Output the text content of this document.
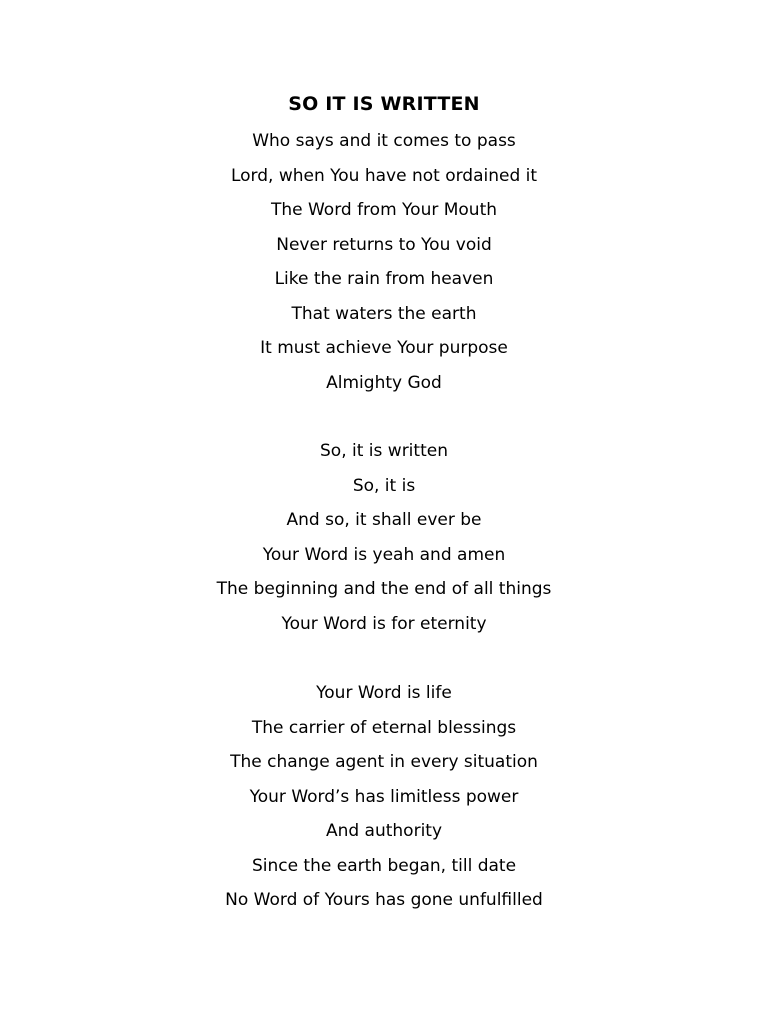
SO IT IS WRITTEN
Who says and it comes to pass
Lord, when You have not ordained it
The Word from Your Mouth
Never returns to You void
Like the rain from heaven
That waters the earth
It must achieve Your purpose
Almighty God
So, it is written
So, it is
And so, it shall ever be
Your Word is yeah and amen
The beginning and the end of all things
Your Word is for eternity
Your Word is life
The carrier of eternal blessings
The change agent in every situation
Your Word’s has limitless power
And authority
Since the earth began, till date
No Word of Yours has gone unfulfilled
